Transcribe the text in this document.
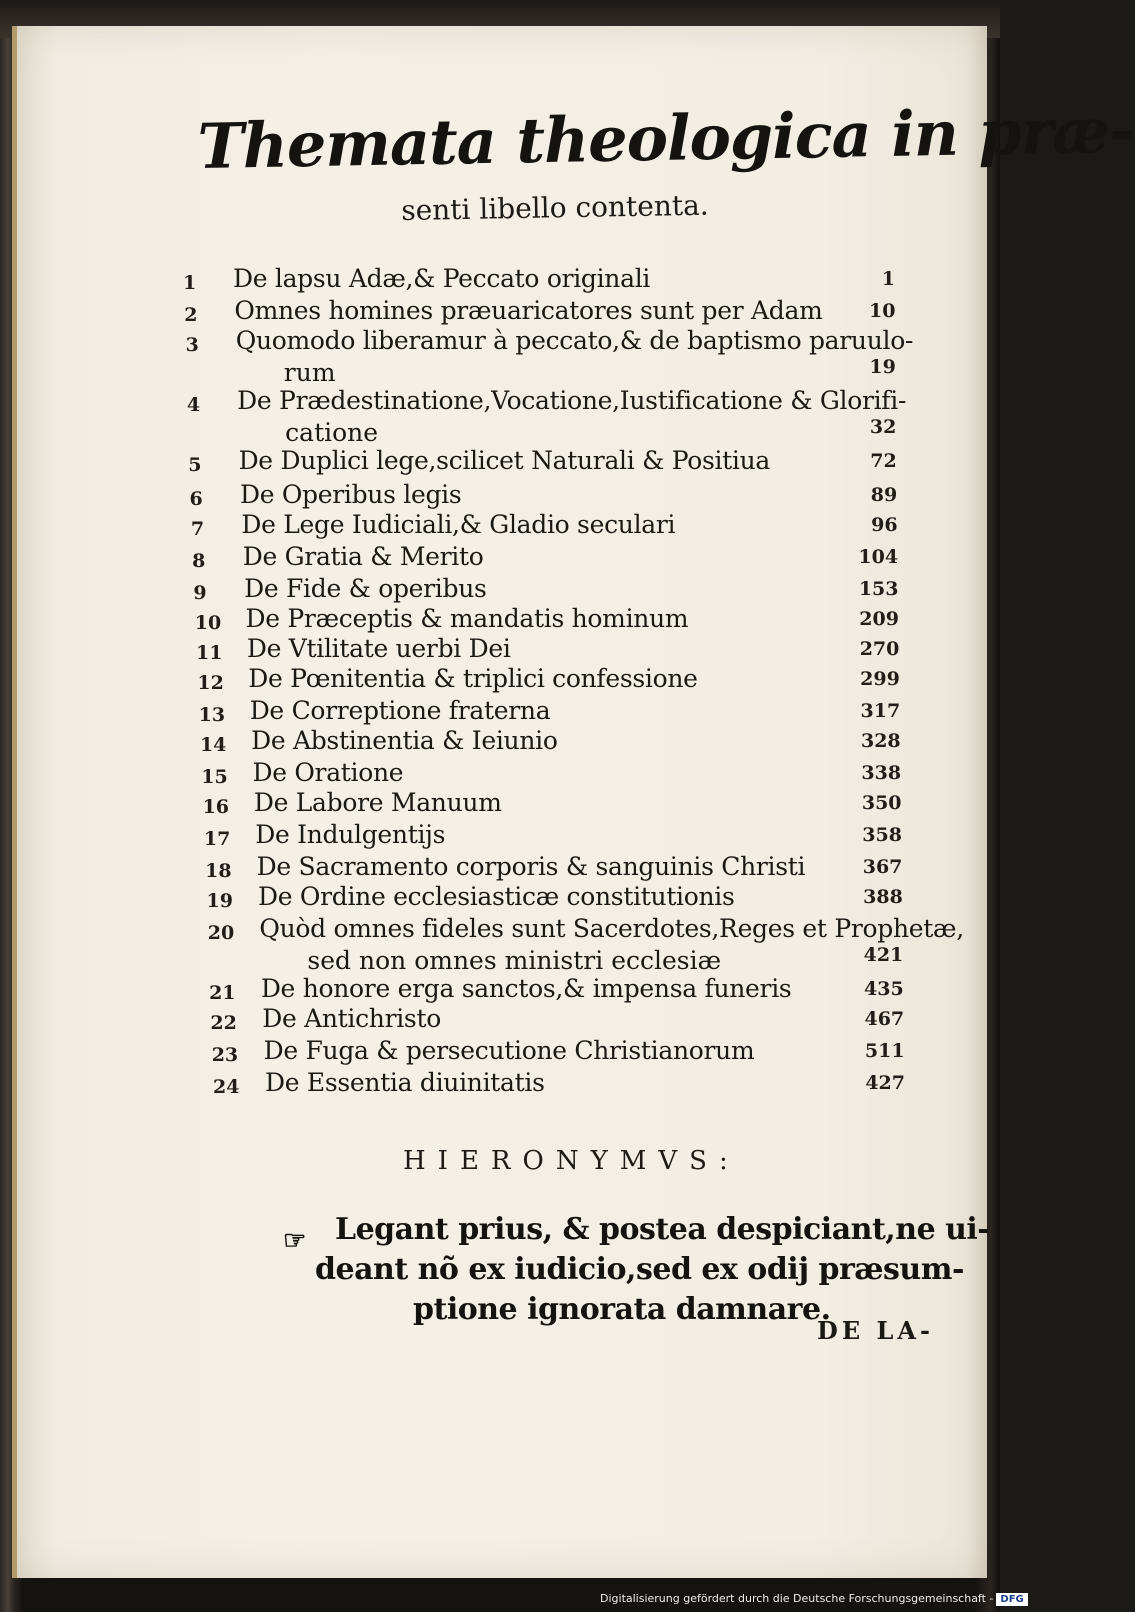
Themata theologica in præ-
senti libello contenta.
1 De lapsu Adæ,& Peccato originali	1
2 Omnes homines præuaricatores sunt per Adam 10
3 Quomodo liberamur à peccato,& de baptismo paruulo-
rum	19
4 De Prædestinatione,Vocatione,Iustificatione & Glorifi-
catione	32
5 De Duplici lege,scilicet Naturali & Positiua	72
6 De Operibus legis	89
7 De Lege Iudiciali,& Gladio seculari	96
8 De Gratia & Merito	104
9 De Fide & operibus	153
10 De Præceptis & mandatis hominum	209
11 De Vtilitate uerbi Dei	270
12 De Pœnitentia & triplici confessione	299
13 De Correptione fraterna	317
14 De Abstinentia & Ieiunio	328
15 De Oratione	338
16 De Labore Manuum	350
17 De Indulgentijs	358
18 De Sacramento corporis & sanguinis Christi	367
19 De Ordine ecclesiasticæ constitutionis	388
20 Quòd omnes fideles sunt Sacerdotes,Reges et Prophetæ,
sed non omnes ministri ecclesiæ	421
21 De honore erga sanctos,& impensa funeris	435
22 De Antichristo	467
23 De Fuga & persecutione Christianorum	511
24 De Essentia diuinitatis	427
HIERONYMVS:
☞ Legant prius, & postea despiciant,ne ui-
deant nõ ex iudicio,sed ex odij præsum-
ptione ignorata damnare.
DE LA-
Digitalisierung gefördert durch die Deutsche Forschungsgemeinschaft - DFG
